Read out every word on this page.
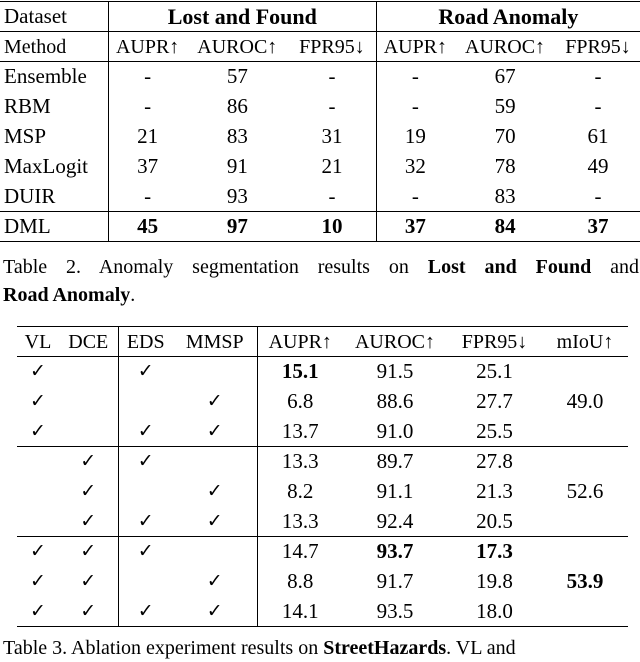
Dataset	Lost and Found			Road Anomaly		
Method	AUPR↑	AUROC↑	FPR95↓	AUPR↑	AUROC↑	FPR95↓
Ensemble	-	57	-	-	67	-
RBM	-	86	-	-	59	-
MSP	21	83	31	19	70	61
MaxLogit	37	91	21	32	78	49
DUIR	-	93	-	-	83	-
DML	45	97	10	37	84	37
Table 2. Anomaly segmentation results on Lost and Found and
Road Anomaly.
VL	DCE	EDS	MMSP	AUPR↑	AUROC↑	FPR95↓	mIoU↑
✓		✓		15.1	91.5	25.1	49.0
✓			✓	6.8	88.6	27.7	
✓		✓	✓	13.7	91.0	25.5	
	✓	✓		13.3	89.7	27.8	52.6
	✓		✓	8.2	91.1	21.3	
	✓	✓	✓	13.3	92.4	20.5	
✓	✓	✓		14.7	93.7	17.3	53.9
✓	✓		✓	8.8	91.7	19.8	
✓	✓	✓	✓	14.1	93.5	18.0	
Table 3. Ablation experiment results on StreetHazards. VL and
